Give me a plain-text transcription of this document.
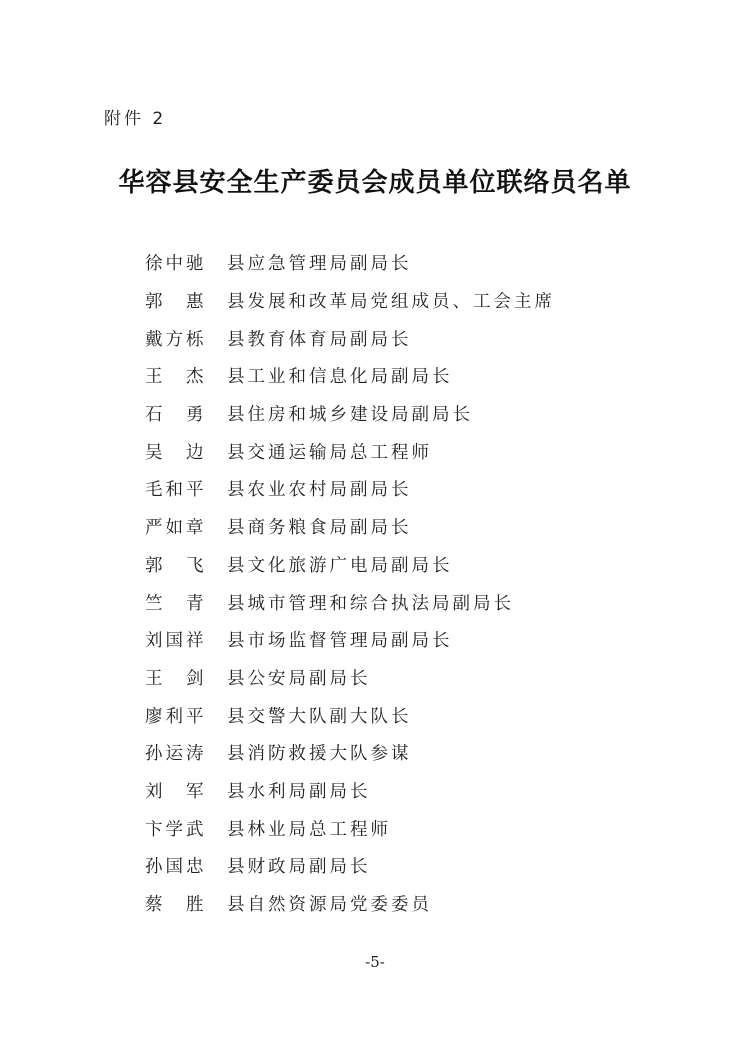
附件 2
华容县安全生产委员会成员单位联络员名单
徐中驰	县应急管理局副局长
郭　惠	县发展和改革局党组成员、工会主席
戴方栎	县教育体育局副局长
王　杰	县工业和信息化局副局长
石　勇	县住房和城乡建设局副局长
吴　边	县交通运输局总工程师
毛和平	县农业农村局副局长
严如章	县商务粮食局副局长
郭　飞	县文化旅游广电局副局长
竺　青	县城市管理和综合执法局副局长
刘国祥	县市场监督管理局副局长
王　剑	县公安局副局长
廖利平	县交警大队副大队长
孙运涛	县消防救援大队参谋
刘　军	县水利局副局长
卞学武	县林业局总工程师
孙国忠	县财政局副局长
蔡　胜	县自然资源局党委委员
-5-
